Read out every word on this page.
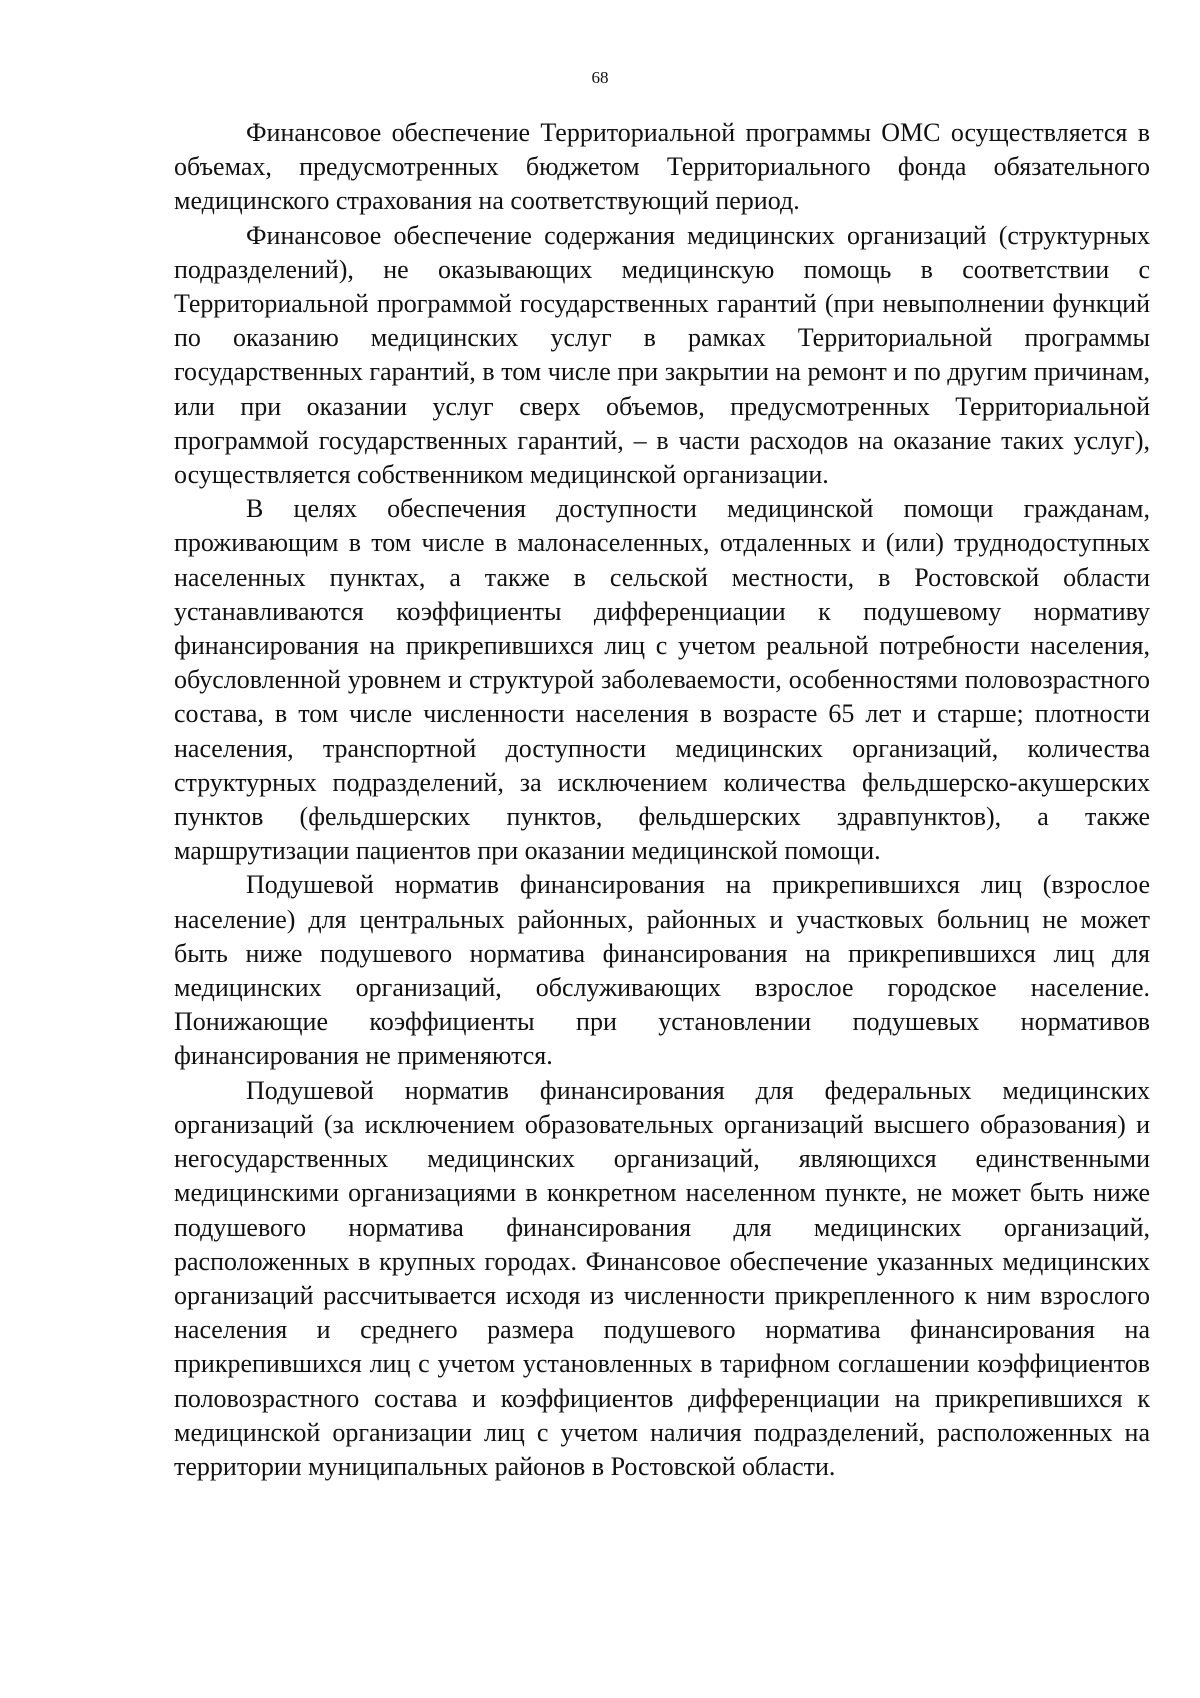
68

Финансовое обеспечение Территориальной программы ОМС осуществляется в объемах, предусмотренных бюджетом Территориального фонда обязательного медицинского страхования на соответствующий период.

Финансовое обеспечение содержания медицинских организаций (структурных подразделений), не оказывающих медицинскую помощь в соответствии с Территориальной программой государственных гарантий (при невыполнении функций по оказанию медицинских услуг в рамках Территориальной программы государственных гарантий, в том числе при закрытии на ремонт и по другим причинам, или при оказании услуг сверх объемов, предусмотренных Территориальной программой государственных гарантий, – в части расходов на оказание таких услуг), осуществляется собственником медицинской организации.

В целях обеспечения доступности медицинской помощи гражданам, проживающим в том числе в малонаселенных, отдаленных и (или) труднодоступных населенных пунктах, а также в сельской местности, в Ростовской области устанавливаются коэффициенты дифференциации к подушевому нормативу финансирования на прикрепившихся лиц с учетом реальной потребности населения, обусловленной уровнем и структурой заболеваемости, особенностями половозрастного состава, в том числе численности населения в возрасте 65 лет и старше; плотности населения, транспортной доступности медицинских организаций, количества структурных подразделений, за исключением количества фельдшерско-акушерских пунктов (фельдшерских пунктов, фельдшерских здравпунктов), а также маршрутизации пациентов при оказании медицинской помощи.

Подушевой норматив финансирования на прикрепившихся лиц (взрослое население) для центральных районных, районных и участковых больниц не может быть ниже подушевого норматива финансирования на прикрепившихся лиц для медицинских организаций, обслуживающих взрослое городское население. Понижающие коэффициенты при установлении подушевых нормативов финансирования не применяются.

Подушевой норматив финансирования для федеральных медицинских организаций (за исключением образовательных организаций высшего образования) и негосударственных медицинских организаций, являющихся единственными медицинскими организациями в конкретном населенном пункте, не может быть ниже подушевого норматива финансирования для медицинских организаций, расположенных в крупных городах. Финансовое обеспечение указанных медицинских организаций рассчитывается исходя из численности прикрепленного к ним взрослого населения и среднего размера подушевого норматива финансирования на прикрепившихся лиц с учетом установленных в тарифном соглашении коэффициентов половозрастного состава и коэффициентов дифференциации на прикрепившихся к медицинской организации лиц с учетом наличия подразделений, расположенных на территории муниципальных районов в Ростовской области.
